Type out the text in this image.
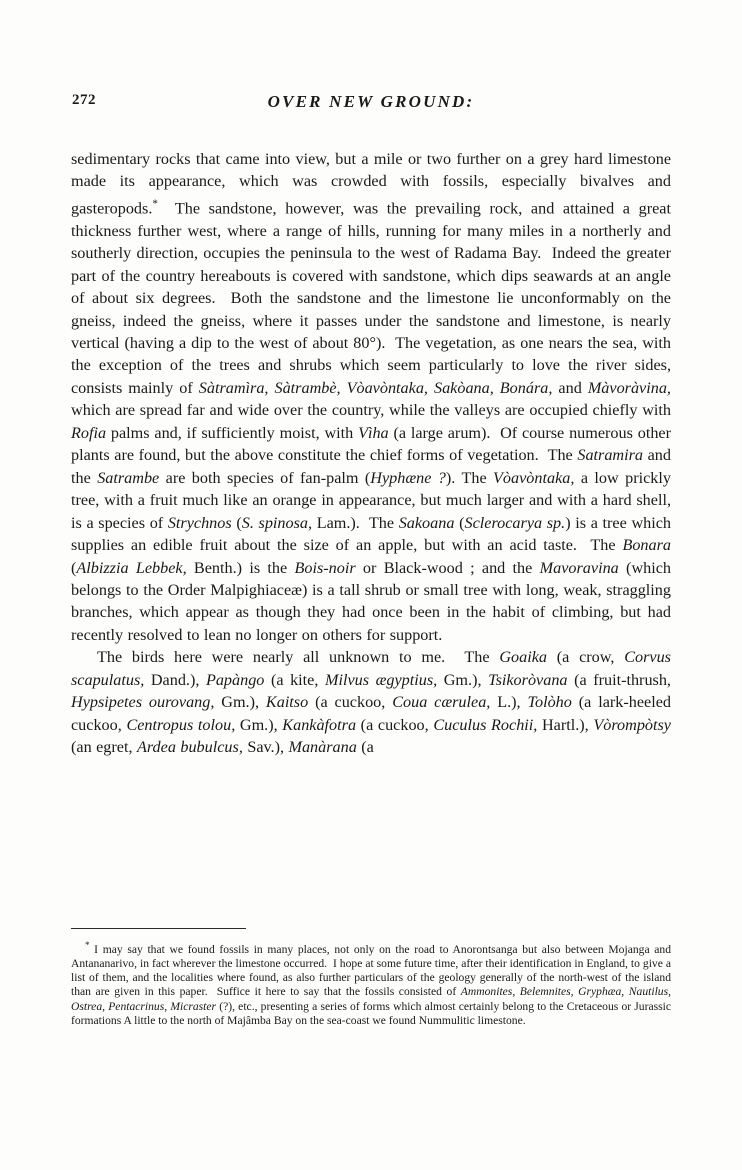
272	OVER NEW GROUND:

sedimentary rocks that came into view, but a mile or two further on a grey hard limestone made its appearance, which was crowded with fossils, especially bivalves and gasteropods.*  The sandstone, however, was the prevailing rock, and attained a great thickness further west, where a range of hills, running for many miles in a northerly and southerly direction, occupies the peninsula to the west of Radama Bay.  Indeed the greater part of the country hereabouts is covered with sandstone, which dips seawards at an angle of about six degrees.  Both the sandstone and the limestone lie unconformably on the gneiss, indeed the gneiss, where it passes under the sandstone and limestone, is nearly vertical (having a dip to the west of about 80°).  The vegetation, as one nears the sea, with the exception of the trees and shrubs which seem particularly to love the river sides, consists mainly of Sàtramìra, Sàtrambè, Vòavòntaka, Sakòana, Bonára, and Màvoràvina, which are spread far and wide over the country, while the valleys are occupied chiefly with Rofia palms and, if sufficiently moist, with Vìha (a large arum).  Of course numerous other plants are found, but the above constitute the chief forms of vegetation.  The Satramira and the Satrambe are both species of fan-palm (Hyphæne ?). The Vòavòntaka, a low prickly tree, with a fruit much like an orange in appearance, but much larger and with a hard shell, is a species of Strychnos (S. spinosa, Lam.).  The Sakoana (Sclerocarya sp.) is a tree which supplies an edible fruit about the size of an apple, but with an acid taste.  The Bonara (Albizzia Lebbek, Benth.) is the Bois-noir or Black-wood ; and the Mavoravina (which belongs to the Order Malpighiaceæ) is a tall shrub or small tree with long, weak, straggling branches, which appear as though they had once been in the habit of climbing, but had recently resolved to lean no longer on others for support.

The birds here were nearly all unknown to me.  The Goaika (a crow, Corvus scapulatus, Dand.), Papàngo (a kite, Milvus ægyptius, Gm.), Tsikoròvana (a fruit-thrush, Hypsipetes ourovang, Gm.), Kaitso (a cuckoo, Coua cærulea, L.), Tolòho (a lark-heeled cuckoo, Centropus tolou, Gm.), Kankàfotra (a cuckoo, Cuculus Rochii, Hartl.), Vòrompòtsy (an egret, Ardea bubulcus, Sav.), Manàrana (a

* I may say that we found fossils in many places, not only on the road to Anorontsanga but also between Mojanga and Antananarivo, in fact wherever the limestone occurred.  I hope at some future time, after their identification in England, to give a list of them, and the localities where found, as also further particulars of the geology generally of the north-west of the island than are given in this paper.  Suffice it here to say that the fossils consisted of Ammonites, Belemnites, Gryphæa, Nautilus, Ostrea, Pentacrinus, Micraster (?), etc., presenting a series of forms which almost certainly belong to the Cretaceous or Jurassic formations A little to the north of Majâmba Bay on the sea-coast we found Nummulitic limestone.
